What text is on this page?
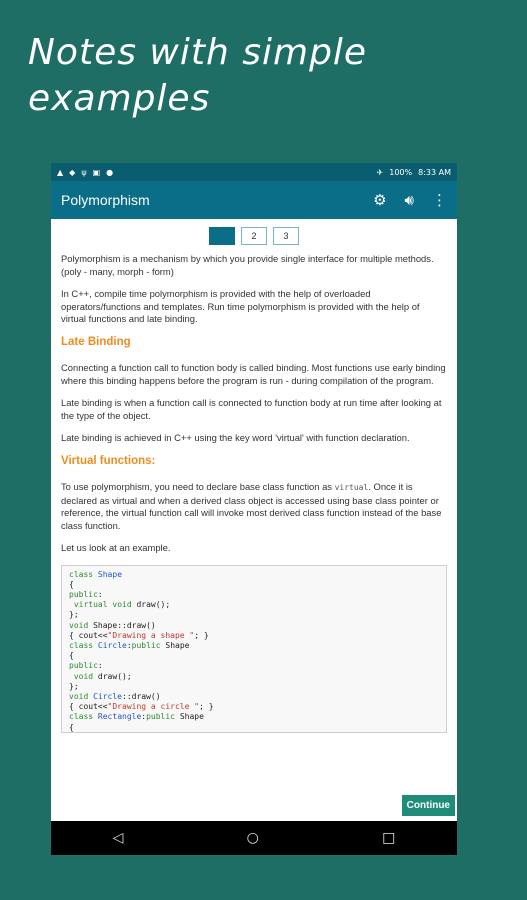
Notes with simple
examples
▲ ◆ ψ ▣ ●	✈ 100% 8:33 AM
Polymorphism	⚙ 🔊︎ ⋮
1	2	3

Polymorphism is a mechanism by which you provide single interface for multiple methods. (poly - many, morph - form)

In C++, compile time polymorphism is provided with the help of overloaded operators/functions and templates. Run time polymorphism is provided with the help of virtual functions and late binding.

Late Binding

Connecting a function call to function body is called binding. Most functions use early binding where this binding happens before the program is run - during compilation of the program.

Late binding is when a function call is connected to function body at run time after looking at the type of the object.

Late binding is achieved in C++ using the key word 'virtual' with function declaration.

Virtual functions:

To use polymorphism, you need to declare base class function as virtual. Once it is declared as virtual and when a derived class object is accessed using base class pointer or reference, the virtual function call will invoke most derived class function instead of the base class function.

Let us look at an example.

class Shape
{
public:
virtual void draw();
};
void Shape::draw()
{ cout<<"Drawing a shape "; }
class Circle:public Shape
{
public:
void draw();
};
void Circle::draw()
{ cout<<"Drawing a circle "; }
class Rectangle:public Shape
{
Continue
◁	○	□
